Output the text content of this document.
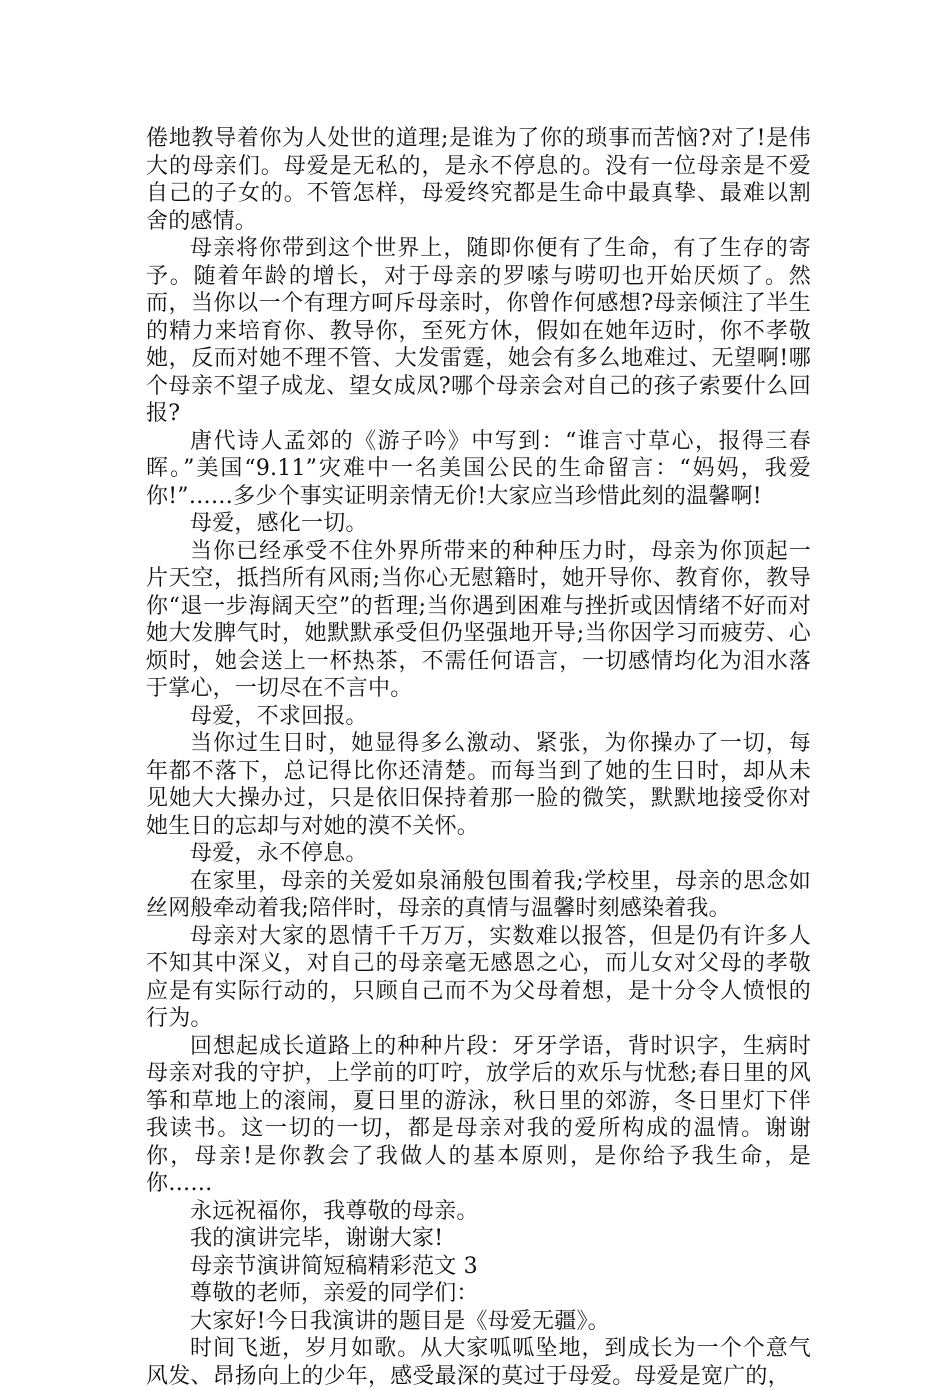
倦地教导着你为人处世的道理;是谁为了你的琐事而苦恼?对了!是伟大的母亲们。母爱是无私的，是永不停息的。没有一位母亲是不爱自己的子女的。不管怎样，母爱终究都是生命中最真挚、最难以割舍的感情。

母亲将你带到这个世界上，随即你便有了生命，有了生存的寄予。随着年龄的增长，对于母亲的罗嗦与唠叨也开始厌烦了。然而，当你以一个有理方呵斥母亲时，你曾作何感想?母亲倾注了半生的精力来培育你、教导你，至死方休，假如在她年迈时，你不孝敬她，反而对她不理不管、大发雷霆，她会有多么地难过、无望啊!哪个母亲不望子成龙、望女成凤?哪个母亲会对自己的孩子索要什么回报?

唐代诗人孟郊的《游子吟》中写到：“谁言寸草心，报得三春晖。”美国“9.11”灾难中一名美国公民的生命留言：“妈妈，我爱你!”……多少个事实证明亲情无价!大家应当珍惜此刻的温馨啊!

母爱，感化一切。

当你已经承受不住外界所带来的种种压力时，母亲为你顶起一片天空，抵挡所有风雨;当你心无慰籍时，她开导你、教育你，教导你“退一步海阔天空”的哲理;当你遇到困难与挫折或因情绪不好而对她大发脾气时，她默默承受但仍坚强地开导;当你因学习而疲劳、心烦时，她会送上一杯热茶，不需任何语言，一切感情均化为泪水落于掌心，一切尽在不言中。

母爱，不求回报。

当你过生日时，她显得多么激动、紧张，为你操办了一切，每年都不落下，总记得比你还清楚。而每当到了她的生日时，却从未见她大大操办过，只是依旧保持着那一脸的微笑，默默地接受你对她生日的忘却与对她的漠不关怀。

母爱，永不停息。

在家里，母亲的关爱如泉涌般包围着我;学校里，母亲的思念如丝网般牵动着我;陪伴时，母亲的真情与温馨时刻感染着我。

母亲对大家的恩情千千万万，实数难以报答，但是仍有许多人不知其中深义，对自己的母亲毫无感恩之心，而儿女对父母的孝敬应是有实际行动的，只顾自己而不为父母着想，是十分令人愤恨的行为。

回想起成长道路上的种种片段：牙牙学语，背时识字，生病时母亲对我的守护，上学前的叮咛，放学后的欢乐与忧愁;春日里的风筝和草地上的滚闹，夏日里的游泳，秋日里的郊游，冬日里灯下伴我读书。这一切的一切，都是母亲对我的爱所构成的温情。谢谢你，母亲!是你教会了我做人的基本原则，是你给予我生命，是你……

永远祝福你，我尊敬的母亲。

我的演讲完毕，谢谢大家!

母亲节演讲简短稿精彩范文 3

尊敬的老师，亲爱的同学们：

大家好!今日我演讲的题目是《母爱无疆》。

时间飞逝，岁月如歌。从大家呱呱坠地，到成长为一个个意气风发、昂扬向上的少年，感受最深的莫过于母爱。母爱是宽广的，
